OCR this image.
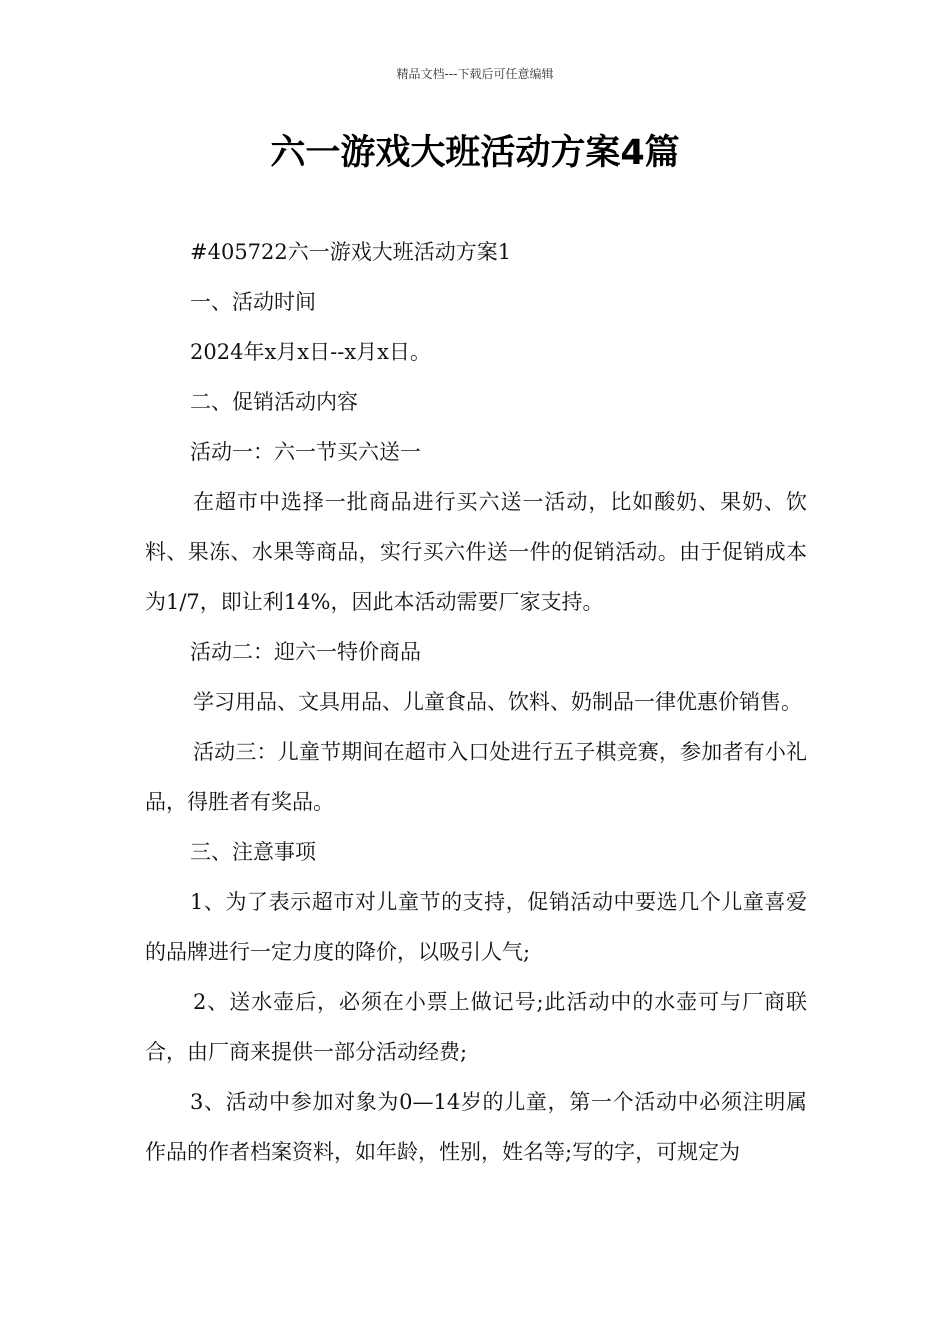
精品文档---下载后可任意编辑
六一游戏大班活动方案4篇

#405722六一游戏大班活动方案1

一、活动时间

2024年x月x日--x月x日。

二、促销活动内容

活动一：六一节买六送一

在超市中选择一批商品进行买六送一活动，比如酸奶、果奶、饮料、果冻、水果等商品，实行买六件送一件的促销活动。由于促销成本为1/7，即让利14%，因此本活动需要厂家支持。

活动二：迎六一特价商品

学习用品、文具用品、儿童食品、饮料、奶制品一律优惠价销售。

活动三：儿童节期间在超市入口处进行五子棋竞赛，参加者有小礼品，得胜者有奖品。

三、注意事项

1、为了表示超市对儿童节的支持，促销活动中要选几个儿童喜爱的品牌进行一定力度的降价，以吸引人气;

2、送水壶后，必须在小票上做记号;此活动中的水壶可与厂商联合，由厂商来提供一部分活动经费;

3、活动中参加对象为0—14岁的儿童，第一个活动中必须注明属作品的作者档案资料，如年龄，性别，姓名等;写的字，可规定为
